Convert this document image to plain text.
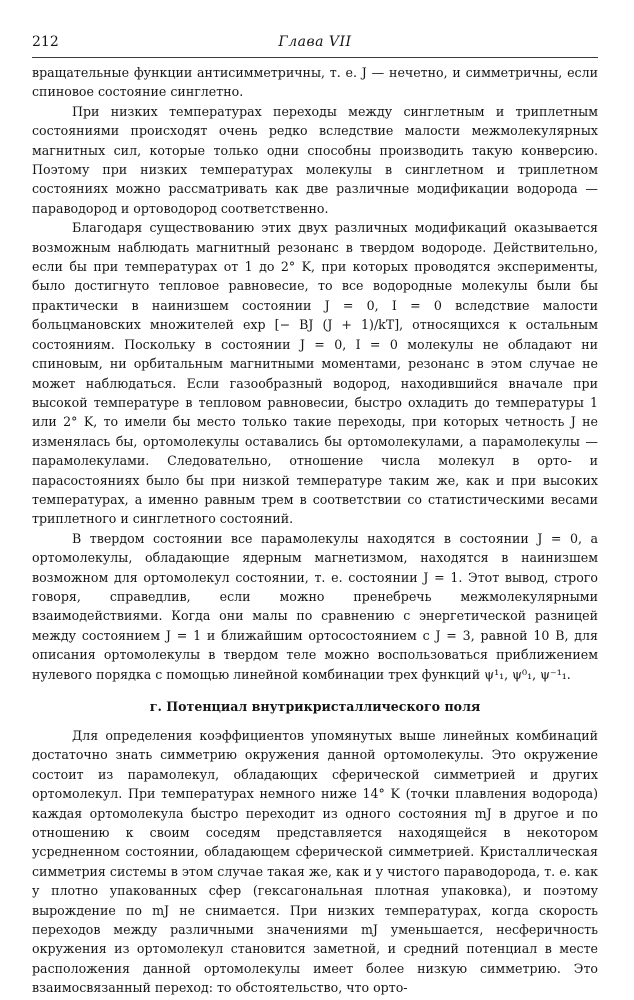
212	Глава VII

вращательные функции антисимметричны, т. е. J — нечетно, и симметричны, если спиновое состояние синглетно.

При низких температурах переходы между синглетным и триплетным состояниями происходят очень редко вследствие малости межмолекулярных магнитных сил, которые только одни способны производить такую конверсию. Поэтому при низких температурах молекулы в синглетном и триплетном состояниях можно рассматривать как две различные модификации водорода — параводород и ортоводород соответственно.

Благодаря существованию этих двух различных модификаций оказывается возможным наблюдать магнитный резонанс в твердом водороде. Действительно, если бы при температурах от 1 до 2° K, при которых проводятся эксперименты, было достигнуто тепловое равновесие, то все водородные молекулы были бы практически в наинизшем состоянии J = 0, I = 0 вследствие малости больцмановских множителей exp [− BJ (J + 1)/kT], относящихся к остальным состояниям. Поскольку в состоянии J = 0, I = 0 молекулы не обладают ни спиновым, ни орбитальным магнитными моментами, резонанс в этом случае не может наблюдаться. Если газообразный водород, находившийся вначале при высокой температуре в тепловом равновесии, быстро охладить до температуры 1 или 2° K, то имели бы место только такие переходы, при которых четность J не изменялась бы, ортомолекулы оставались бы ортомолекулами, а парамолекулы — парамолекулами. Следовательно, отношение числа молекул в орто- и парасостояниях было бы при низкой температуре таким же, как и при высоких температурах, а именно равным трем в соответствии со статистическими весами триплетного и синглетного состояний.

В твердом состоянии все парамолекулы находятся в состоянии J = 0, а ортомолекулы, обладающие ядерным магнетизмом, находятся в наинизшем возможном для ортомолекул состоянии, т. е. состоянии J = 1. Этот вывод, строго говоря, справедлив, если можно пренебречь межмолекулярными взаимодействиями. Когда они малы по сравнению с энергетической разницей между состоянием J = 1 и ближайшим ортосостоянием с J = 3, равной 10 B, для описания ортомолекулы в твердом теле можно воспользоваться приближением нулевого порядка с помощью линейной комбинации трех функций ψ¹₁, ψ⁰₁, ψ⁻¹₁.

г. Потенциал внутрикристаллического поля

Для определения коэффициентов упомянутых выше линейных комбинаций достаточно знать симметрию окружения данной ортомолекулы. Это окружение состоит из парамолекул, обладающих сферической симметрией и других ортомолекул. При температурах немного ниже 14° K (точки плавления водорода) каждая ортомолекула быстро переходит из одного состояния mJ в другое и по отношению к своим соседям представляется находящейся в некотором усредненном состоянии, обладающем сферической симметрией. Кристаллическая симметрия системы в этом случае такая же, как и у чистого параводорода, т. е. как у плотно упакованных сфер (гексагональная плотная упаковка), и поэтому вырождение по mJ не снимается. При низких температурах, когда скорость переходов между различными значениями mJ уменьшается, несферичность окружения из ортомолекул становится заметной, и средний потенциал в месте расположения данной ортомолекулы имеет более низкую симметрию. Это взаимосвязанный переход: то обстоятельство, что орто-
